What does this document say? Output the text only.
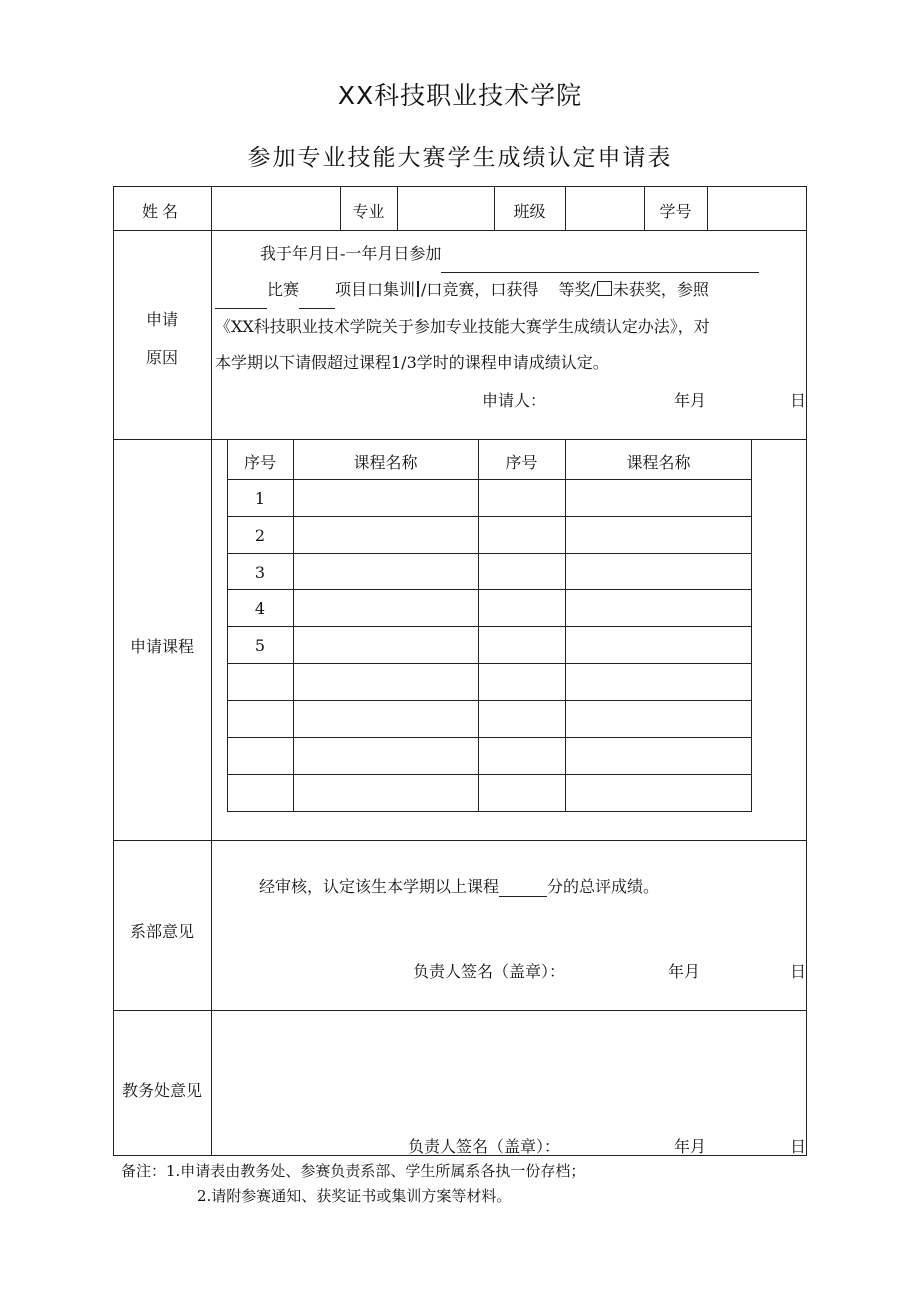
XX科技职业技术学院
参加专业技能大赛学生成绩认定申请表
姓名	专业	班级	学号
申请
原因
我于年月日-一年月日参加
比赛 项目口集训 /口竞赛，口获得 等奖/ 未获奖，参照
《XX科技职业技术学院关于参加专业技能大赛学生成绩认定办法》，对
本学期以下请假超过课程1/3学时的课程申请成绩认定。
申请人：	年月	日
申请课程
序号	课程名称	序号	课程名称
1
2
3
4
5
系部意见
经审核，认定该生本学期以上课程	分的总评成绩。
负责人签名（盖章）：	年月	日
教务处意见
负责人签名（盖章）：	年月	日
备注：1.申请表由教务处、参赛负责系部、学生所属系各执一份存档；
2.请附参赛通知、获奖证书或集训方案等材料。
